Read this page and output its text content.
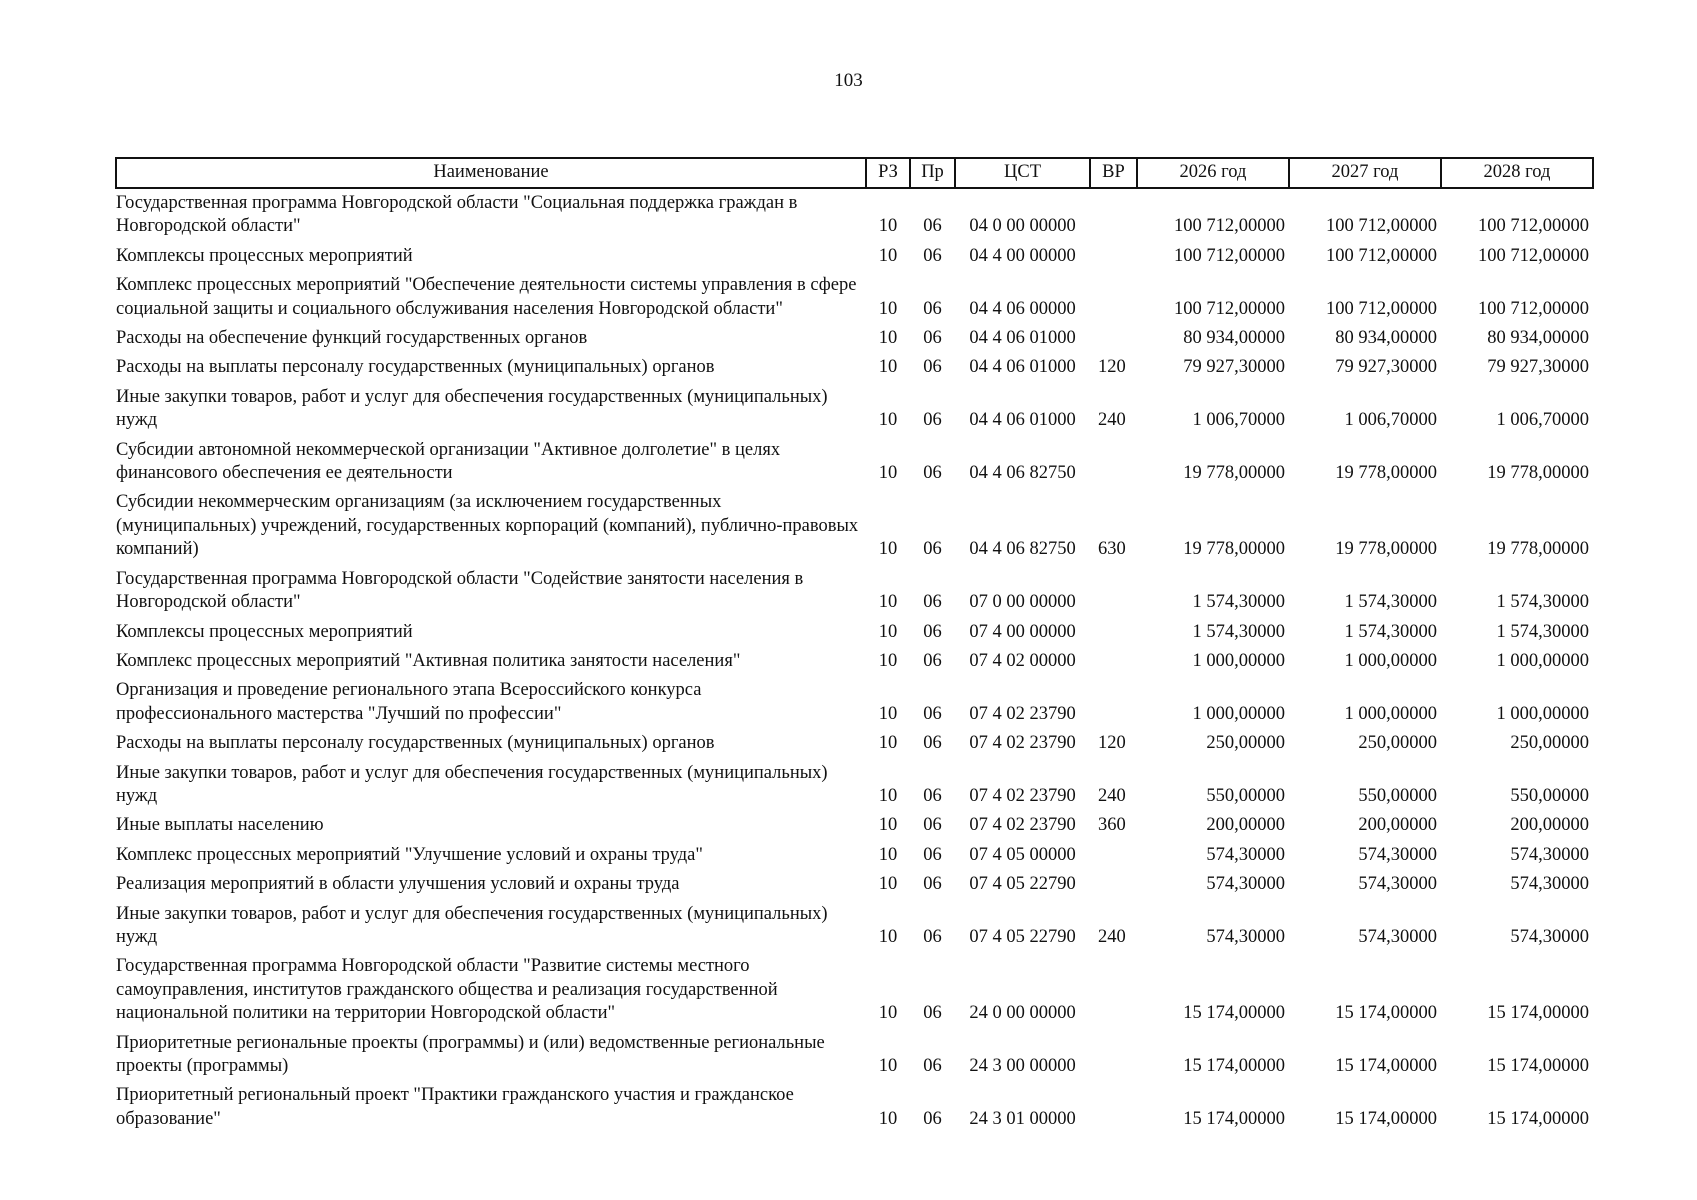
103
Наименование	РЗ	Пр	ЦСТ	ВР	2026 год	2027 год	2028 год
Государственная программа Новгородской области "Социальная поддержка граждан в Новгородской области"	10	06	04 0 00 00000		100 712,00000	100 712,00000	100 712,00000
Комплексы процессных мероприятий	10	06	04 4 00 00000		100 712,00000	100 712,00000	100 712,00000
Комплекс процессных мероприятий "Обеспечение деятельности системы управления в сфере социальной защиты и социального обслуживания населения Новгородской области"	10	06	04 4 06 00000		100 712,00000	100 712,00000	100 712,00000
Расходы на обеспечение функций государственных органов	10	06	04 4 06 01000		80 934,00000	80 934,00000	80 934,00000
Расходы на выплаты персоналу государственных (муниципальных) органов	10	06	04 4 06 01000	120	79 927,30000	79 927,30000	79 927,30000
Иные закупки товаров, работ и услуг для обеспечения государственных (муниципальных) нужд	10	06	04 4 06 01000	240	1 006,70000	1 006,70000	1 006,70000
Субсидии автономной некоммерческой организации "Активное долголетие" в целях финансового обеспечения ее деятельности	10	06	04 4 06 82750		19 778,00000	19 778,00000	19 778,00000
Субсидии некоммерческим организациям (за исключением государственных (муниципальных) учреждений, государственных корпораций (компаний), публично-правовых компаний)	10	06	04 4 06 82750	630	19 778,00000	19 778,00000	19 778,00000
Государственная программа Новгородской области "Содействие занятости населения в Новгородской области"	10	06	07 0 00 00000		1 574,30000	1 574,30000	1 574,30000
Комплексы процессных мероприятий	10	06	07 4 00 00000		1 574,30000	1 574,30000	1 574,30000
Комплекс процессных мероприятий "Активная политика занятости населения"	10	06	07 4 02 00000		1 000,00000	1 000,00000	1 000,00000
Организация и проведение регионального этапа Всероссийского конкурса профессионального мастерства "Лучший по профессии"	10	06	07 4 02 23790		1 000,00000	1 000,00000	1 000,00000
Расходы на выплаты персоналу государственных (муниципальных) органов	10	06	07 4 02 23790	120	250,00000	250,00000	250,00000
Иные закупки товаров, работ и услуг для обеспечения государственных (муниципальных) нужд	10	06	07 4 02 23790	240	550,00000	550,00000	550,00000
Иные выплаты населению	10	06	07 4 02 23790	360	200,00000	200,00000	200,00000
Комплекс процессных мероприятий "Улучшение условий и охраны труда"	10	06	07 4 05 00000		574,30000	574,30000	574,30000
Реализация мероприятий в области улучшения условий и охраны труда	10	06	07 4 05 22790		574,30000	574,30000	574,30000
Иные закупки товаров, работ и услуг для обеспечения государственных (муниципальных) нужд	10	06	07 4 05 22790	240	574,30000	574,30000	574,30000
Государственная программа Новгородской области "Развитие системы местного самоуправления, институтов гражданского общества и реализация государственной национальной политики на территории Новгородской области"	10	06	24 0 00 00000		15 174,00000	15 174,00000	15 174,00000
Приоритетные региональные проекты (программы) и (или) ведомственные региональные проекты (программы)	10	06	24 3 00 00000		15 174,00000	15 174,00000	15 174,00000
Приоритетный региональный проект "Практики гражданского участия и гражданское образование"	10	06	24 3 01 00000		15 174,00000	15 174,00000	15 174,00000
